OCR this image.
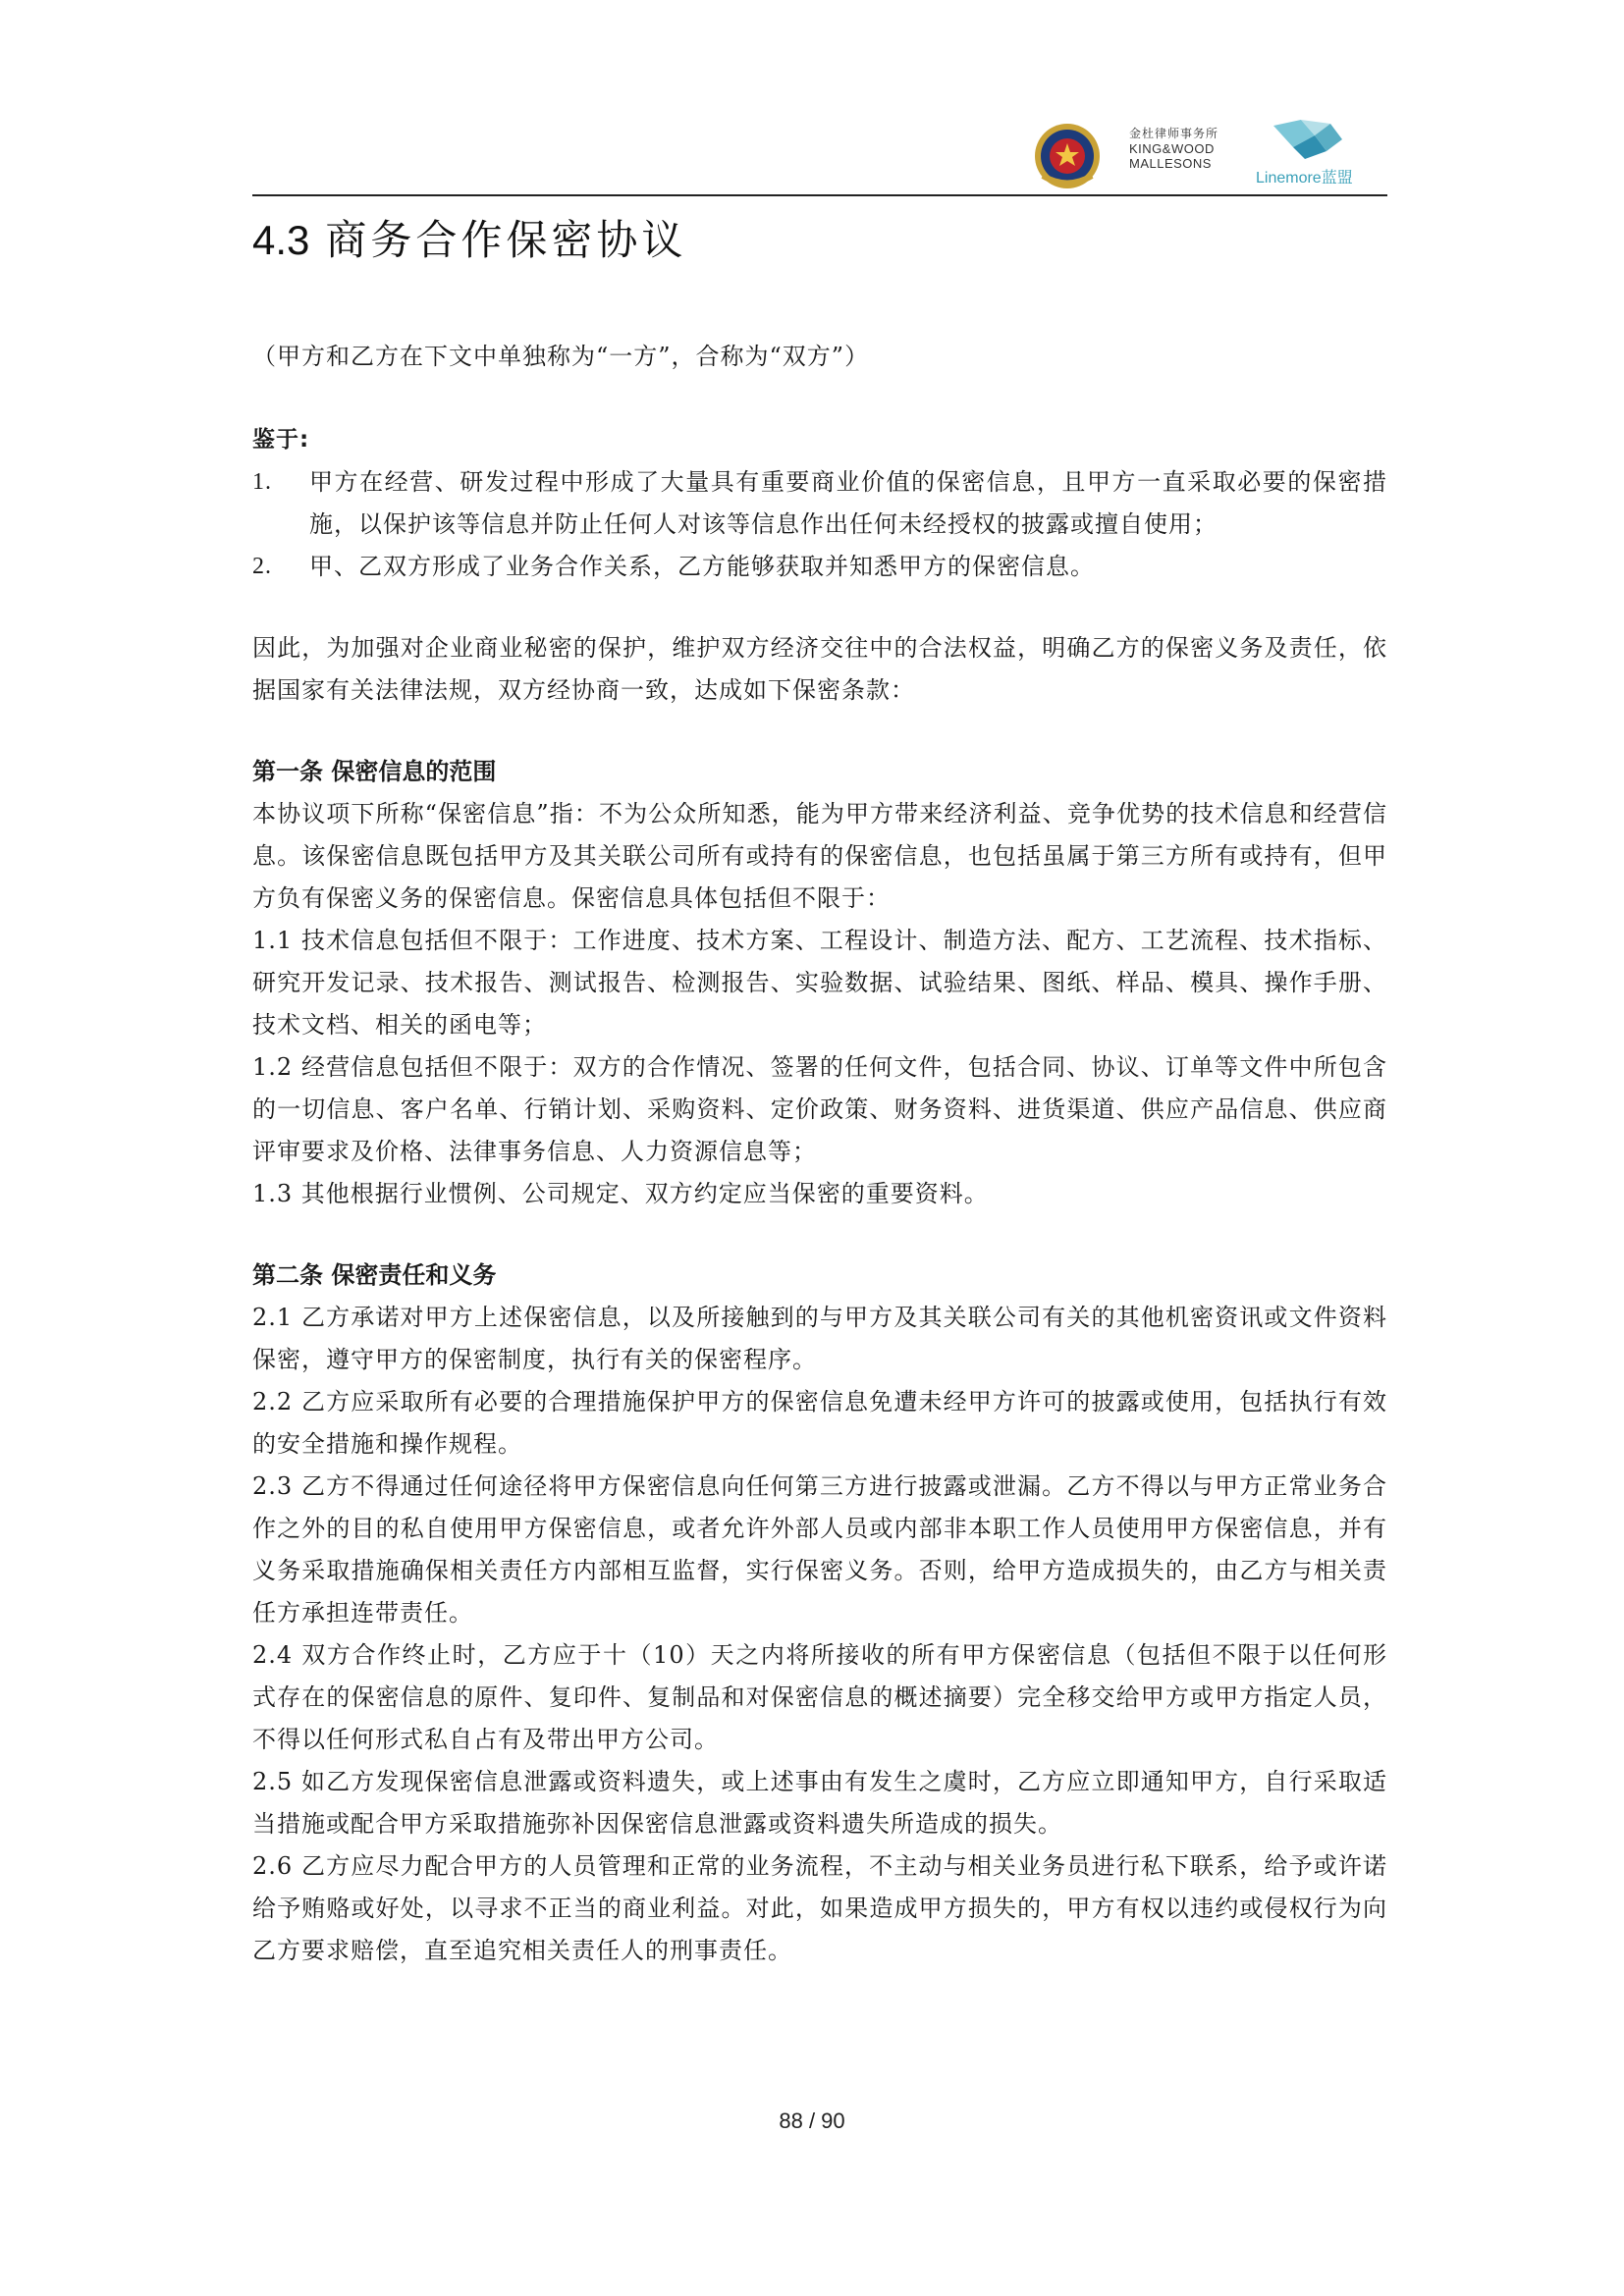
金杜律师事务所
KING&WOOD
MALLESONS
Linemore蓝盟
4.3 商务合作保密协议

（甲方和乙方在下文中单独称为“一方”，合称为“双方”）

鉴于:

1. 甲方在经营、研发过程中形成了大量具有重要商业价值的保密信息，且甲方一直采取必要的保密措施，以保护该等信息并防止任何人对该等信息作出任何未经授权的披露或擅自使用；
2. 甲、乙双方形成了业务合作关系，乙方能够获取并知悉甲方的保密信息。

因此，为加强对企业商业秘密的保护，维护双方经济交往中的合法权益，明确乙方的保密义务及责任，依据国家有关法律法规，双方经协商一致，达成如下保密条款：

第一条 保密信息的范围

本协议项下所称“保密信息”指：不为公众所知悉，能为甲方带来经济利益、竞争优势的技术信息和经营信息。该保密信息既包括甲方及其关联公司所有或持有的保密信息，也包括虽属于第三方所有或持有，但甲方负有保密义务的保密信息。保密信息具体包括但不限于：

1.1 技术信息包括但不限于：工作进度、技术方案、工程设计、制造方法、配方、工艺流程、技术指标、研究开发记录、技术报告、测试报告、检测报告、实验数据、试验结果、图纸、样品、模具、操作手册、技术文档、相关的函电等；

1.2 经营信息包括但不限于：双方的合作情况、签署的任何文件，包括合同、协议、订单等文件中所包含的一切信息、客户名单、行销计划、采购资料、定价政策、财务资料、进货渠道、供应产品信息、供应商评审要求及价格、法律事务信息、人力资源信息等；

1.3 其他根据行业惯例、公司规定、双方约定应当保密的重要资料。

第二条 保密责任和义务

2.1 乙方承诺对甲方上述保密信息，以及所接触到的与甲方及其关联公司有关的其他机密资讯或文件资料保密，遵守甲方的保密制度，执行有关的保密程序。

2.2 乙方应采取所有必要的合理措施保护甲方的保密信息免遭未经甲方许可的披露或使用，包括执行有效的安全措施和操作规程。

2.3 乙方不得通过任何途径将甲方保密信息向任何第三方进行披露或泄漏。乙方不得以与甲方正常业务合作之外的目的私自使用甲方保密信息，或者允许外部人员或内部非本职工作人员使用甲方保密信息，并有义务采取措施确保相关责任方内部相互监督，实行保密义务。否则，给甲方造成损失的，由乙方与相关责任方承担连带责任。

2.4 双方合作终止时，乙方应于十（10）天之内将所接收的所有甲方保密信息（包括但不限于以任何形式存在的保密信息的原件、复印件、复制品和对保密信息的概述摘要）完全移交给甲方或甲方指定人员，不得以任何形式私自占有及带出甲方公司。

2.5 如乙方发现保密信息泄露或资料遗失，或上述事由有发生之虞时，乙方应立即通知甲方，自行采取适当措施或配合甲方采取措施弥补因保密信息泄露或资料遗失所造成的损失。

2.6 乙方应尽力配合甲方的人员管理和正常的业务流程，不主动与相关业务员进行私下联系，给予或许诺给予贿赂或好处，以寻求不正当的商业利益。对此，如果造成甲方损失的，甲方有权以违约或侵权行为向乙方要求赔偿，直至追究相关责任人的刑事责任。

88 / 90
